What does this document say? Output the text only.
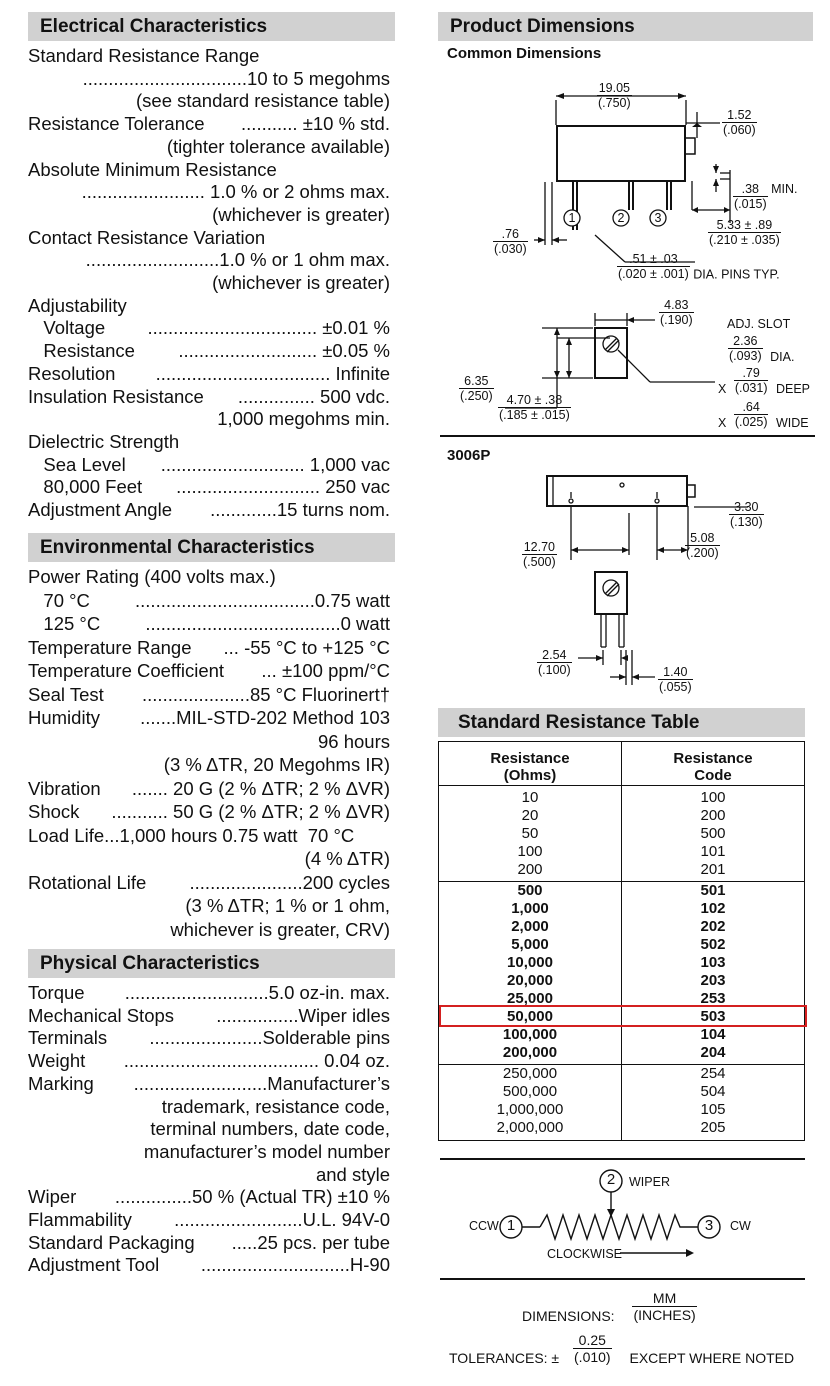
Electrical Characteristics
Standard Resistance Range
................................10 to 5 megohms
(see standard resistance table)
Resistance Tolerance ........... ±10 % std.
(tighter tolerance available)
Absolute Minimum Resistance
........................ 1.0 % or 2 ohms max.
(whichever is greater)
Contact Resistance Variation
..........................1.0 % or 1 ohm max.
(whichever is greater)
Adjustability
Voltage ................................. ±0.01 %
Resistance ........................... ±0.05 %
Resolution .................................. Infinite
Insulation Resistance ............... 500 vdc.
1,000 megohms min.
Dielectric Strength
Sea Level ............................ 1,000 vac
80,000 Feet ............................ 250 vac
Adjustment Angle .............15 turns nom.
Environmental Characteristics
Power Rating (400 volts max.)
70 °C ...................................0.75 watt
125 °C ......................................0 watt
Temperature Range ... -55 °C to +125 °C
Temperature Coefficient ... ±100 ppm/°C
Seal Test .....................85 °C Fluorinert†
Humidity .......MIL-STD-202 Method 103
96 hours
(3 % ΔTR, 20 Megohms IR)
Vibration ....... 20 G (2 % ΔTR; 2 % ΔVR)
Shock ........... 50 G (2 % ΔTR; 2 % ΔVR)
Load Life...1,000 hours 0.75 watt  70 °C
(4 % ΔTR)
Rotational Life ......................200 cycles
(3 % ΔTR; 1 % or 1 ohm,
whichever is greater, CRV)
Physical Characteristics
Torque ............................5.0 oz-in. max.
Mechanical Stops ................Wiper idles
Terminals ......................Solderable pins
Weight ...................................... 0.04 oz.
Marking ..........................Manufacturer’s
trademark, resistance code,
terminal numbers, date code,
manufacturer’s model number
and style
Wiper ...............50 % (Actual TR) ±10 %
Flammability .........................U.L. 94V-0
Standard Packaging .....25 pcs. per tube
Adjustment Tool .............................H-90
Product Dimensions
Common Dimensions
1	2 3
$\frac{19.05}{(.750)}$
$\frac{1.52}{(.060)}$
$\frac{.38}{(.015)}$ MIN.
$\frac{5.33 \pm .89}{(.210 \pm .035)}$
$\frac{.76}{(.030)}$
$\frac{.51 \pm .03}{(.020 \pm .001)}$ DIA. PINS TYP.
$\frac{4.83}{(.190)}$	ADJ. SLOT
$\frac{2.36}{(.093)}$ DIA.
X $\frac{.79}{(.031)}$ DEEP
X $\frac{.64}{(.025)}$ WIDE
$\frac{6.35}{(.250)}$
$\frac{4.70 \pm .38}{(.185 \pm .015)}$
3006P
$\frac{3.30}{(.130)}$
$\frac{12.70}{(.500)}$	$\frac{5.08}{(.200)}$
$\frac{2.54}{(.100)}$
$\frac{1.40}{(.055)}$
Standard Resistance Table
Resistance
(Ohms)	Resistance
Code
10	100
20	200
50	500
100	101
200	201
500	501
1,000	102
2,000	202
5,000	502
10,000	103
20,000	203
25,000	253
50,000	503
100,000	104
200,000	204
250,000	254
500,000	504
1,000,000	105
2,000,000	205
1
2
3
CCW	CW
WIPER
CLOCKWISE
DIMENSIONS:
MM
(INCHES)
TOLERANCES: ± $\frac{0.25}{(.010)}$ EXCEPT WHERE NOTED
